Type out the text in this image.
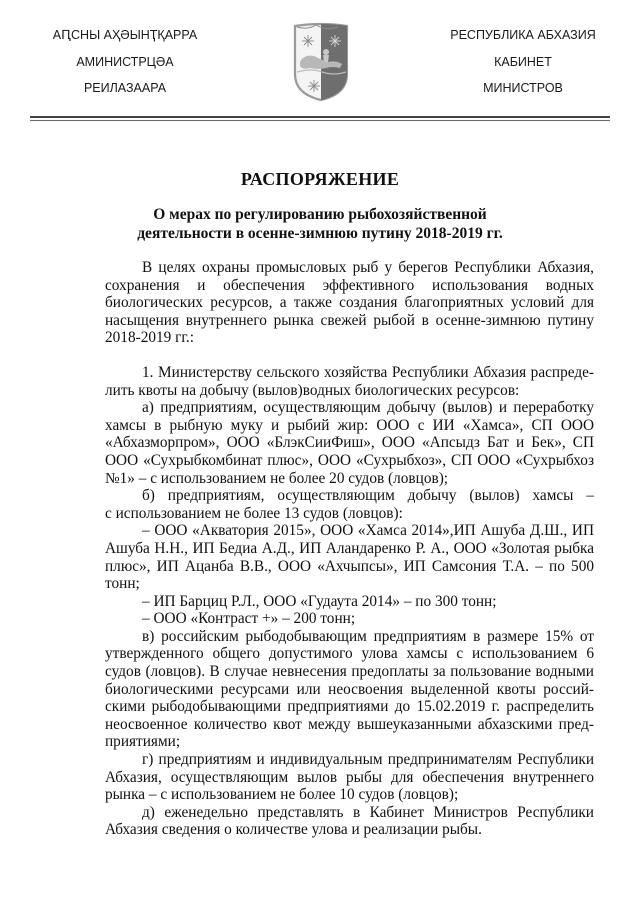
АԤСНЫ АҲӘЫНҬҚАРРА
АМИНИСТРЦӘА
РЕИЛАЗААРА
РЕСПУБЛИКА АБХАЗИЯ
КАБИНЕТ
МИНИСТРОВ
РАСПОРЯЖЕНИЕ
О мерах по регулированию рыбохозяйственной
деятельности в осенне-зимнюю путину 2018-2019 гг.
В целях охраны промысловых рыб у берегов Республики Абхазия,
сохранения и обеспечения эффективного использования водных
биологических ресурсов, а также создания благоприятных условий для
насыщения внутреннего рынка свежей рыбой в осенне-зимнюю путину
2018-2019 гг.:
1. Министерству сельского хозяйства Республики Абхазия распреде-
лить квоты на добычу (вылов)водных биологических ресурсов:
а) предприятиям, осуществляющим добычу (вылов) и переработку
хамсы в рыбную муку и рыбий жир: ООО с ИИ «Хамса», СП ООО
«Абхазморпром», ООО «БлэкСииФиш», ООО «Апсыдз Бат и Бек», СП
ООО «Сухрыбкомбинат плюс», ООО «Сухрыбхоз», СП ООО «Сухрыбхоз
№1» – с использованием не более 20 судов (ловцов);
б) предприятиям, осуществляющим добычу (вылов) хамсы –
с использованием не более 13 судов (ловцов):
– ООО «Акватория 2015», ООО «Хамса 2014»,ИП Ашуба Д.Ш., ИП
Ашуба Н.Н., ИП Бедиа А.Д., ИП Аландаренко Р. А., ООО «Золотая рыбка
плюс», ИП Ацанба В.В., ООО «Ахчыпсы», ИП Самсония Т.А. – по 500
тонн;
– ИП Барциц Р.Л., ООО «Гудаута 2014» – по 300 тонн;
– ООО «Контраст +» – 200 тонн;
в) российским рыбодобывающим предприятиям в размере 15% от
утвержденного общего допустимого улова хамсы с использованием 6
судов (ловцов). В случае невнесения предоплаты за пользование водными
биологическими ресурсами или неосвоения выделенной квоты россий-
скими рыбодобывающими предприятиями до 15.02.2019 г. распределить
неосвоенное количество квот между вышеуказанными абхазскими пред-
приятиями;
г) предприятиям и индивидуальным предпринимателям Республики
Абхазия, осуществляющим вылов рыбы для обеспечения внутреннего
рынка – с использованием не более 10 судов (ловцов);
д) еженедельно представлять в Кабинет Министров Республики
Абхазия сведения о количестве улова и реализации рыбы.
